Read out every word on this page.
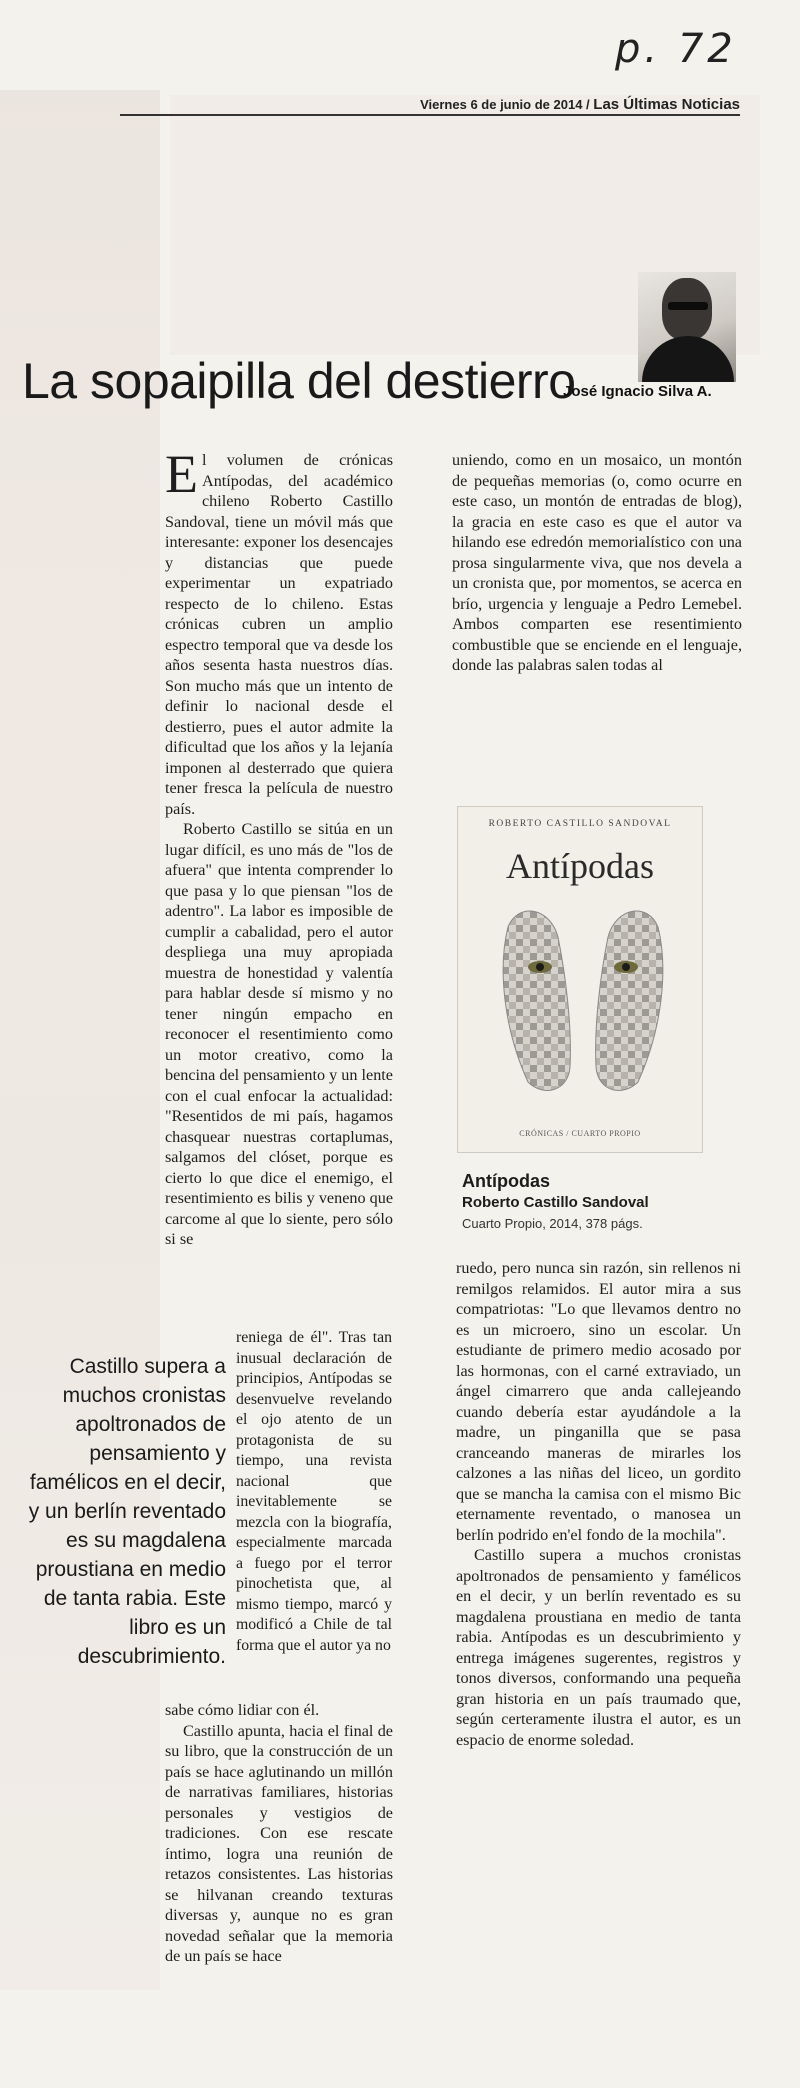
p. 72
Viernes 6 de junio de 2014 / Las Últimas Noticias
La sopaipilla del destierro
José Ignacio Silva A.

El volumen de crónicas Antípodas, del académico chileno Roberto Castillo Sandoval, tiene un móvil más que interesante: exponer los desencajes y distancias que puede experimentar un expatriado respecto de lo chileno. Estas crónicas cubren un amplio espectro temporal que va desde los años sesenta hasta nuestros días. Son mucho más que un intento de definir lo nacional desde el destierro, pues el autor admite la dificultad que los años y la lejanía imponen al desterrado que quiera tener fresca la película de nuestro país.

Roberto Castillo se sitúa en un lugar difícil, es uno más de "los de afuera" que intenta comprender lo que pasa y lo que piensan "los de adentro". La labor es imposible de cumplir a cabalidad, pero el autor despliega una muy apropiada muestra de honestidad y valentía para hablar desde sí mismo y no tener ningún empacho en reconocer el resentimiento como un motor creativo, como la bencina del pensamiento y un lente con el cual enfocar la actualidad: "Resentidos de mi país, hagamos chasquear nuestras cortaplumas, salgamos del clóset, porque es cierto lo que dice el enemigo, el resentimiento es bilis y veneno que carcome al que lo siente, pero sólo si se

reniega de él". Tras tan inusual declaración de principios, Antípodas se desenvuelve revelando el ojo atento de un protagonista de su tiempo, una revista nacional que inevitablemente se mezcla con la biografía, especialmente marcada a fuego por el terror pinochetista que, al mismo tiempo, marcó y modificó a Chile de tal forma que el autor ya no

sabe cómo lidiar con él.

Castillo apunta, hacia el final de su libro, que la construcción de un país se hace aglutinando un millón de narrativas familiares, historias personales y vestigios de tradiciones. Con ese rescate íntimo, logra una reunión de retazos consistentes. Las historias se hilvanan creando texturas diversas y, aunque no es gran novedad señalar que la memoria de un país se hace

Castillo supera a muchos cronistas apoltronados de pensamiento y famélicos en el decir, y un berlín reventado es su magdalena proustiana en medio de tanta rabia. Este libro es un descubrimiento.

uniendo, como en un mosaico, un montón de pequeñas memorias (o, como ocurre en este caso, un montón de entradas de blog), la gracia en este caso es que el autor va hilando ese edredón memorialístico con una prosa singularmente viva, que nos devela a un cronista que, por momentos, se acerca en brío, urgencia y lenguaje a Pedro Lemebel. Ambos comparten ese resentimiento combustible que se enciende en el lenguaje, donde las palabras salen todas al

ROBERTO CASTILLO SANDOVAL
Antípodas
CRÓNICAS / CUARTO PROPIO
Antípodas
Roberto Castillo Sandoval
Cuarto Propio, 2014, 378 págs.

ruedo, pero nunca sin razón, sin rellenos ni remilgos relamidos. El autor mira a sus compatriotas: "Lo que llevamos dentro no es un microero, sino un escolar. Un estudiante de primero medio acosado por las hormonas, con el carné extraviado, un ángel cimarrero que anda callejeando cuando debería estar ayudándole a la madre, un pinganilla que se pasa cranceando maneras de mirarles los calzones a las niñas del liceo, un gordito que se mancha la camisa con el mismo Bic eternamente reventado, o manosea un berlín podrido en'el fondo de la mochila".

Castillo supera a muchos cronistas apoltronados de pensamiento y famélicos en el decir, y un berlín reventado es su magdalena proustiana en medio de tanta rabia. Antípodas es un descubrimiento y entrega imágenes sugerentes, registros y tonos diversos, conformando una pequeña gran historia en un país traumado que, según certeramente ilustra el autor, es un espacio de enorme soledad.
